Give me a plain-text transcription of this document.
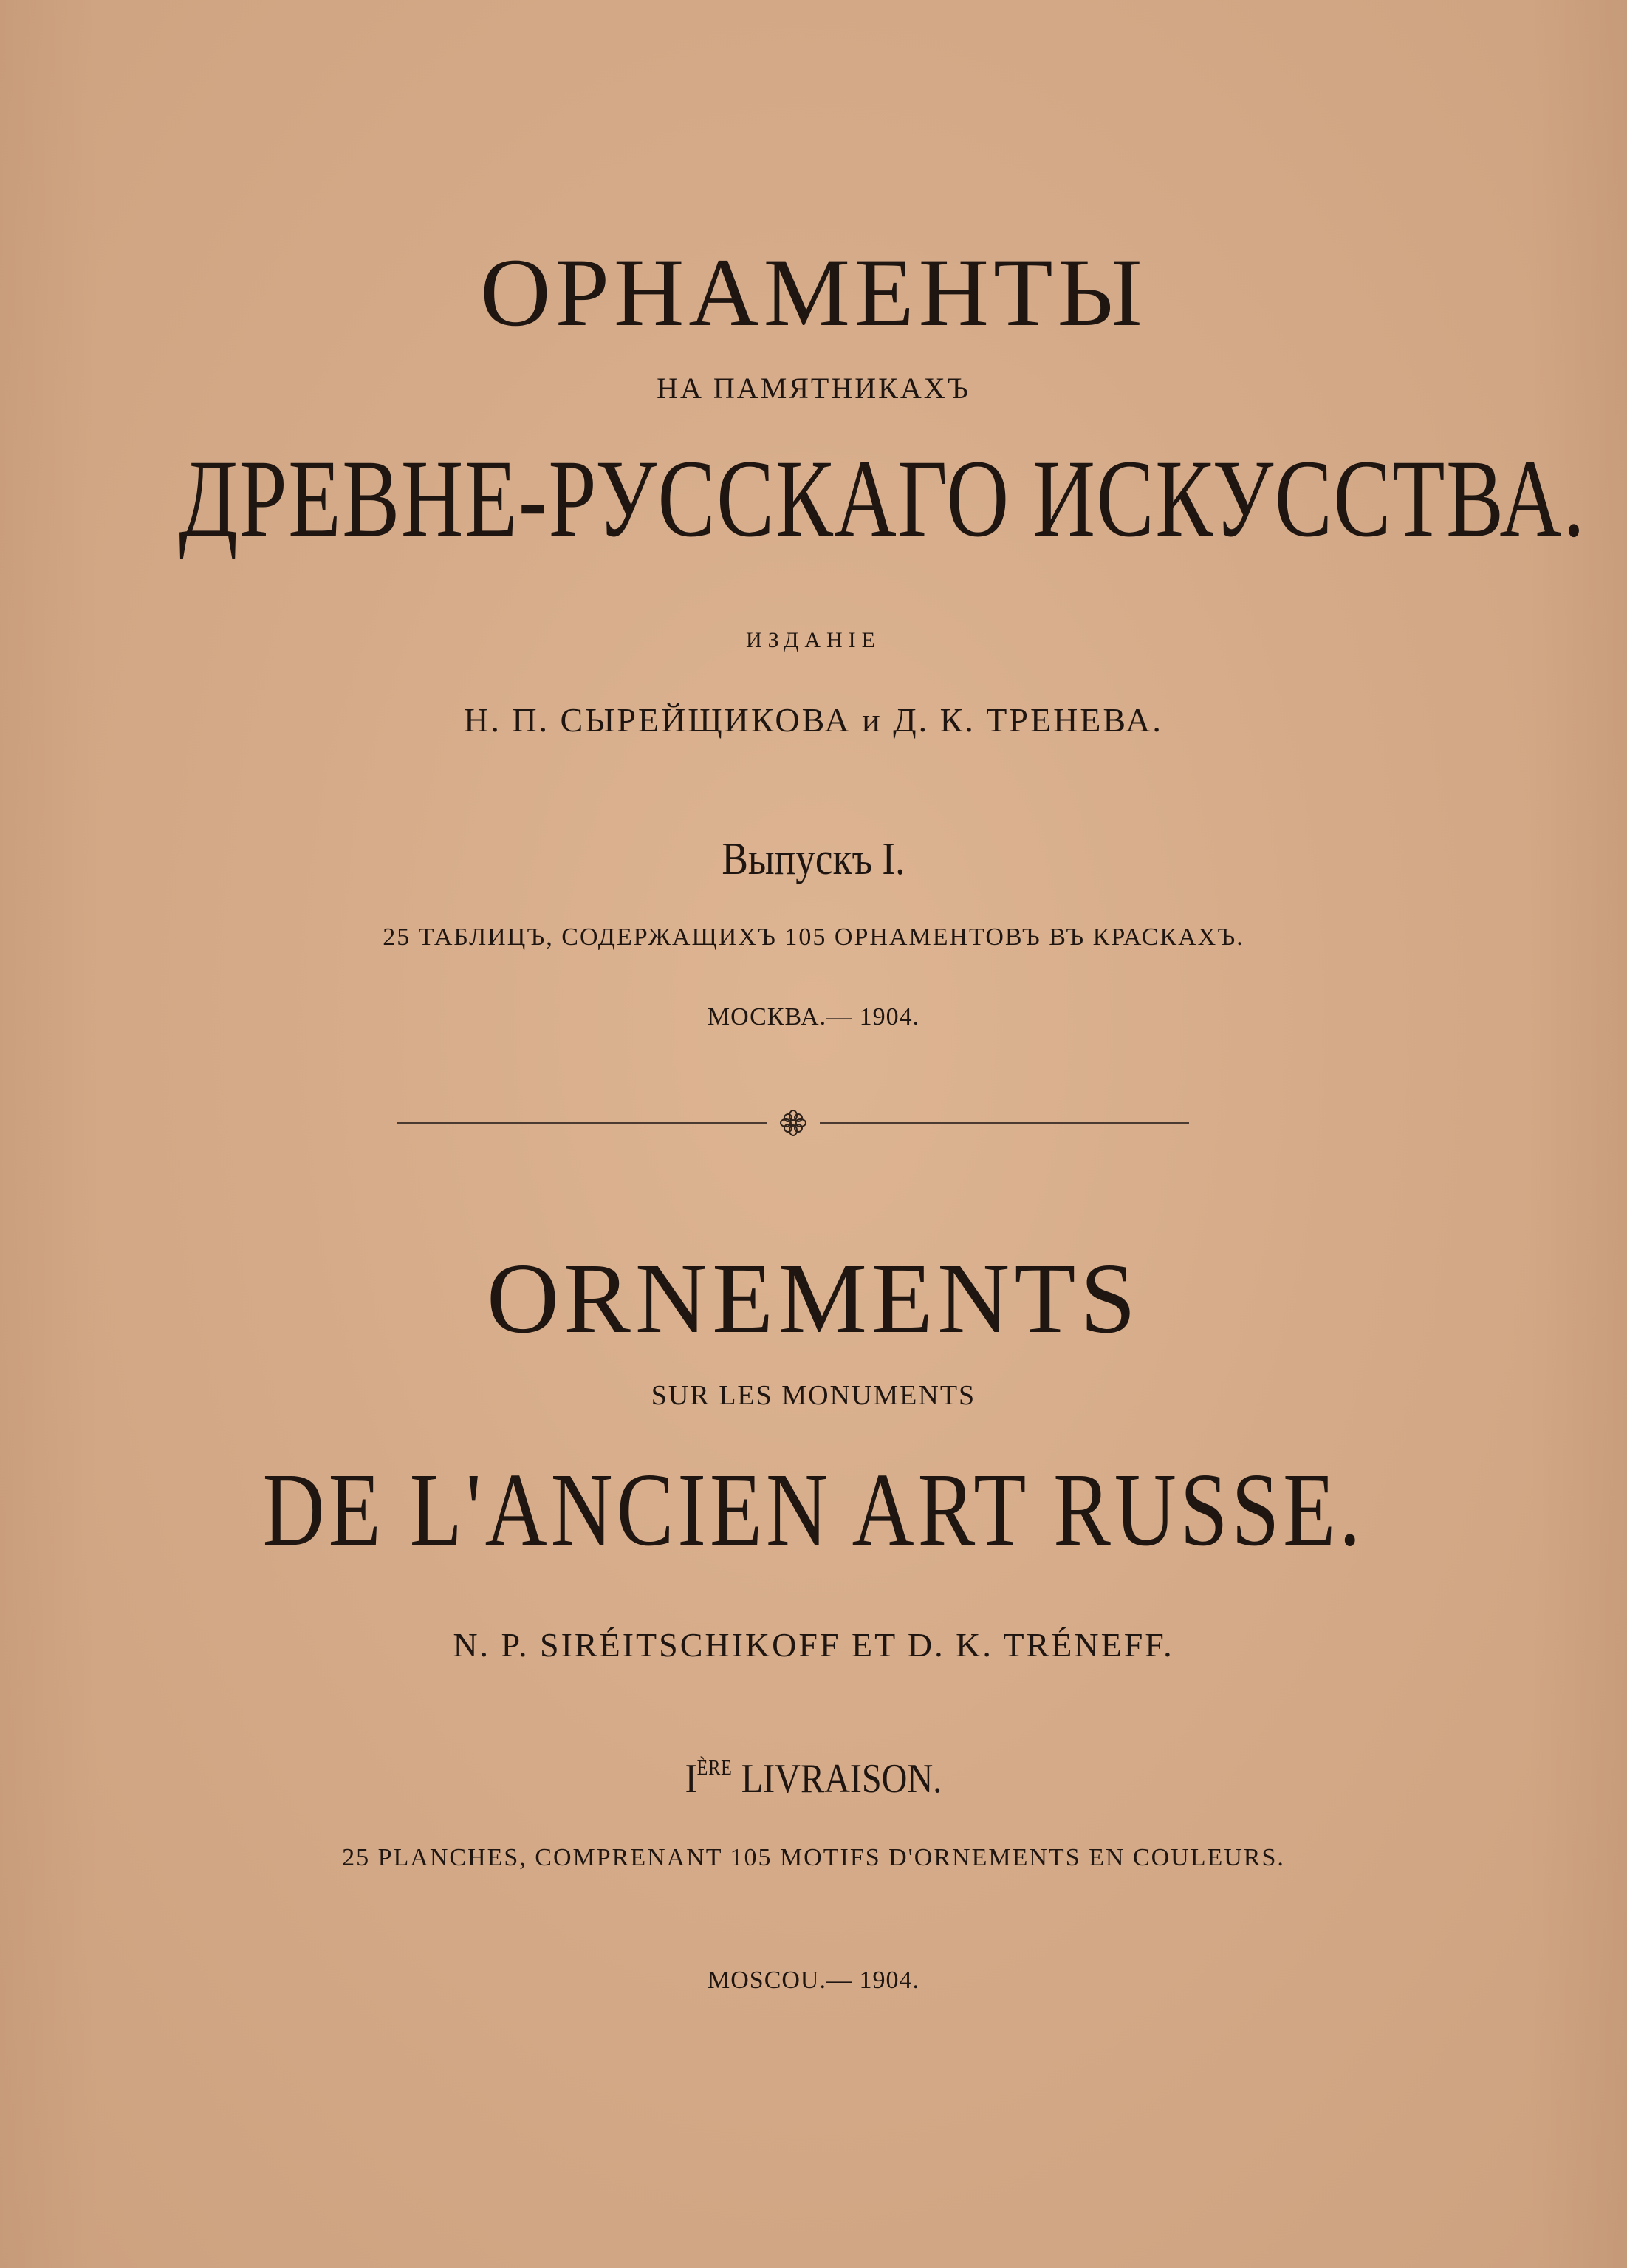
ОРНАМЕНТЫ
НА ПАМЯТНИКАХЪ
ДРЕВНЕ-РУССКАГО ИСКУССТВА.
ИЗДАНІЕ
Н. П. СЫРЕЙЩИКОВА и Д. К. ТРЕНЕВА.
Выпускъ I.
25 ТАБЛИЦЪ, СОДЕРЖАЩИХЪ 105 ОРНАМЕНТОВЪ ВЪ КРАСКАХЪ.
МОСКВА.— 1904.
ORNEMENTS
SUR LES MONUMENTS
DE L'ANCIEN ART RUSSE.
N. P. SIRÉITSCHIKOFF ET D. K. TRÉNEFF.
IÈRE LIVRAISON.
25 PLANCHES, COMPRENANT 105 MOTIFS D'ORNEMENTS EN COULEURS.
MOSCOU.— 1904.
